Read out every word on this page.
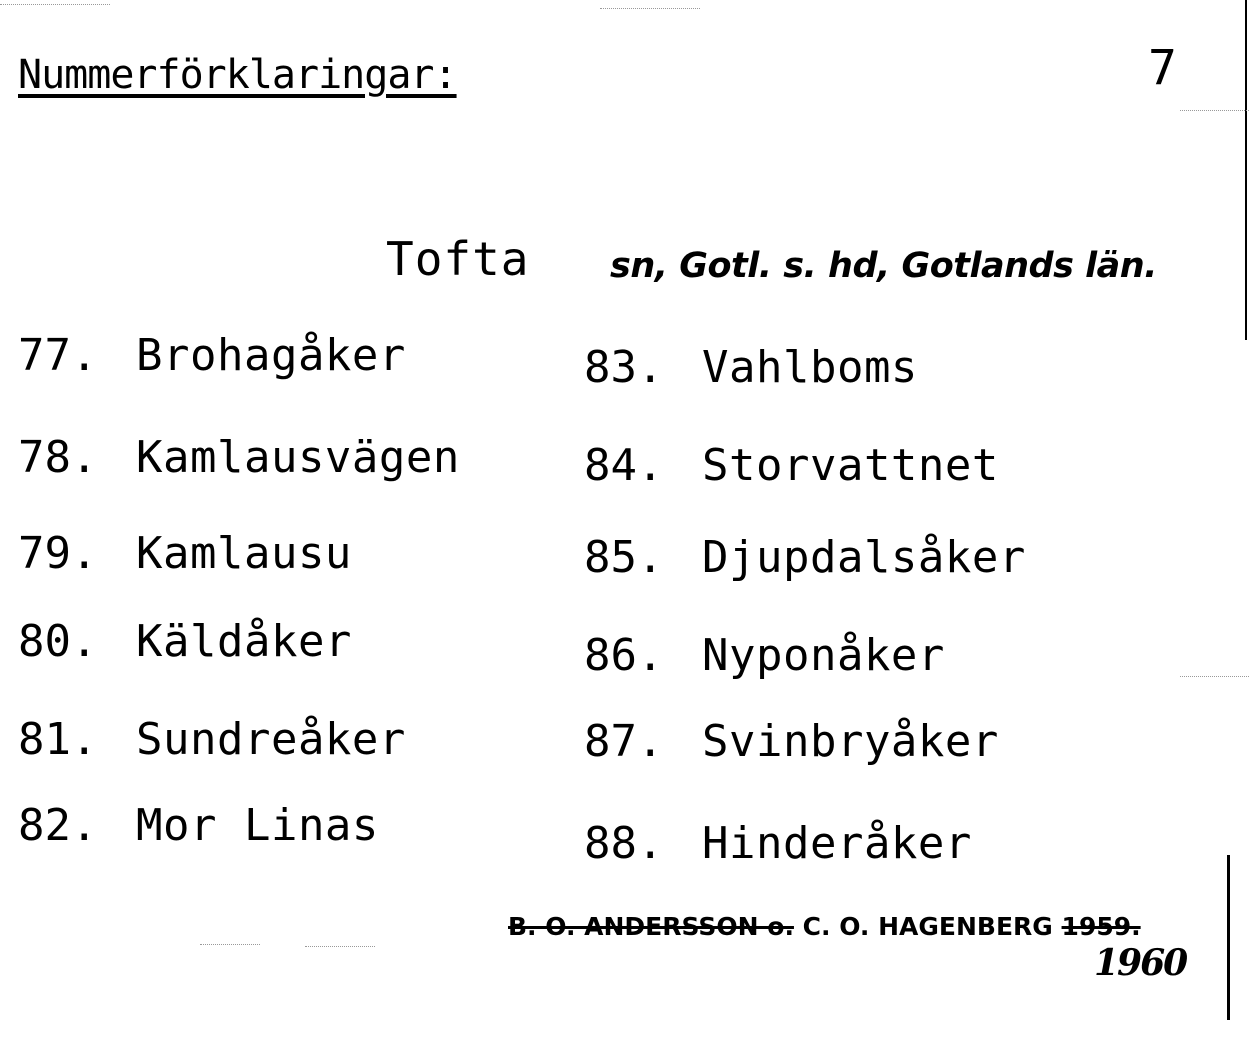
Nummerförklaringar:	7
Tofta sn, Gotl. s. hd, Gotlands län.
77. Brohagåker
78. Kamlausvägen
79. Kamlausu
80. Käldåker
81. Sundreåker
82. Mor Linas
83. Vahlboms
84. Storvattnet
85. Djupdalsåker
86. Nyponåker
87. Svinbryåker
88. Hinderåker
B. O. ANDERSSON o. C. O. HAGENBERG 1959.
1960
